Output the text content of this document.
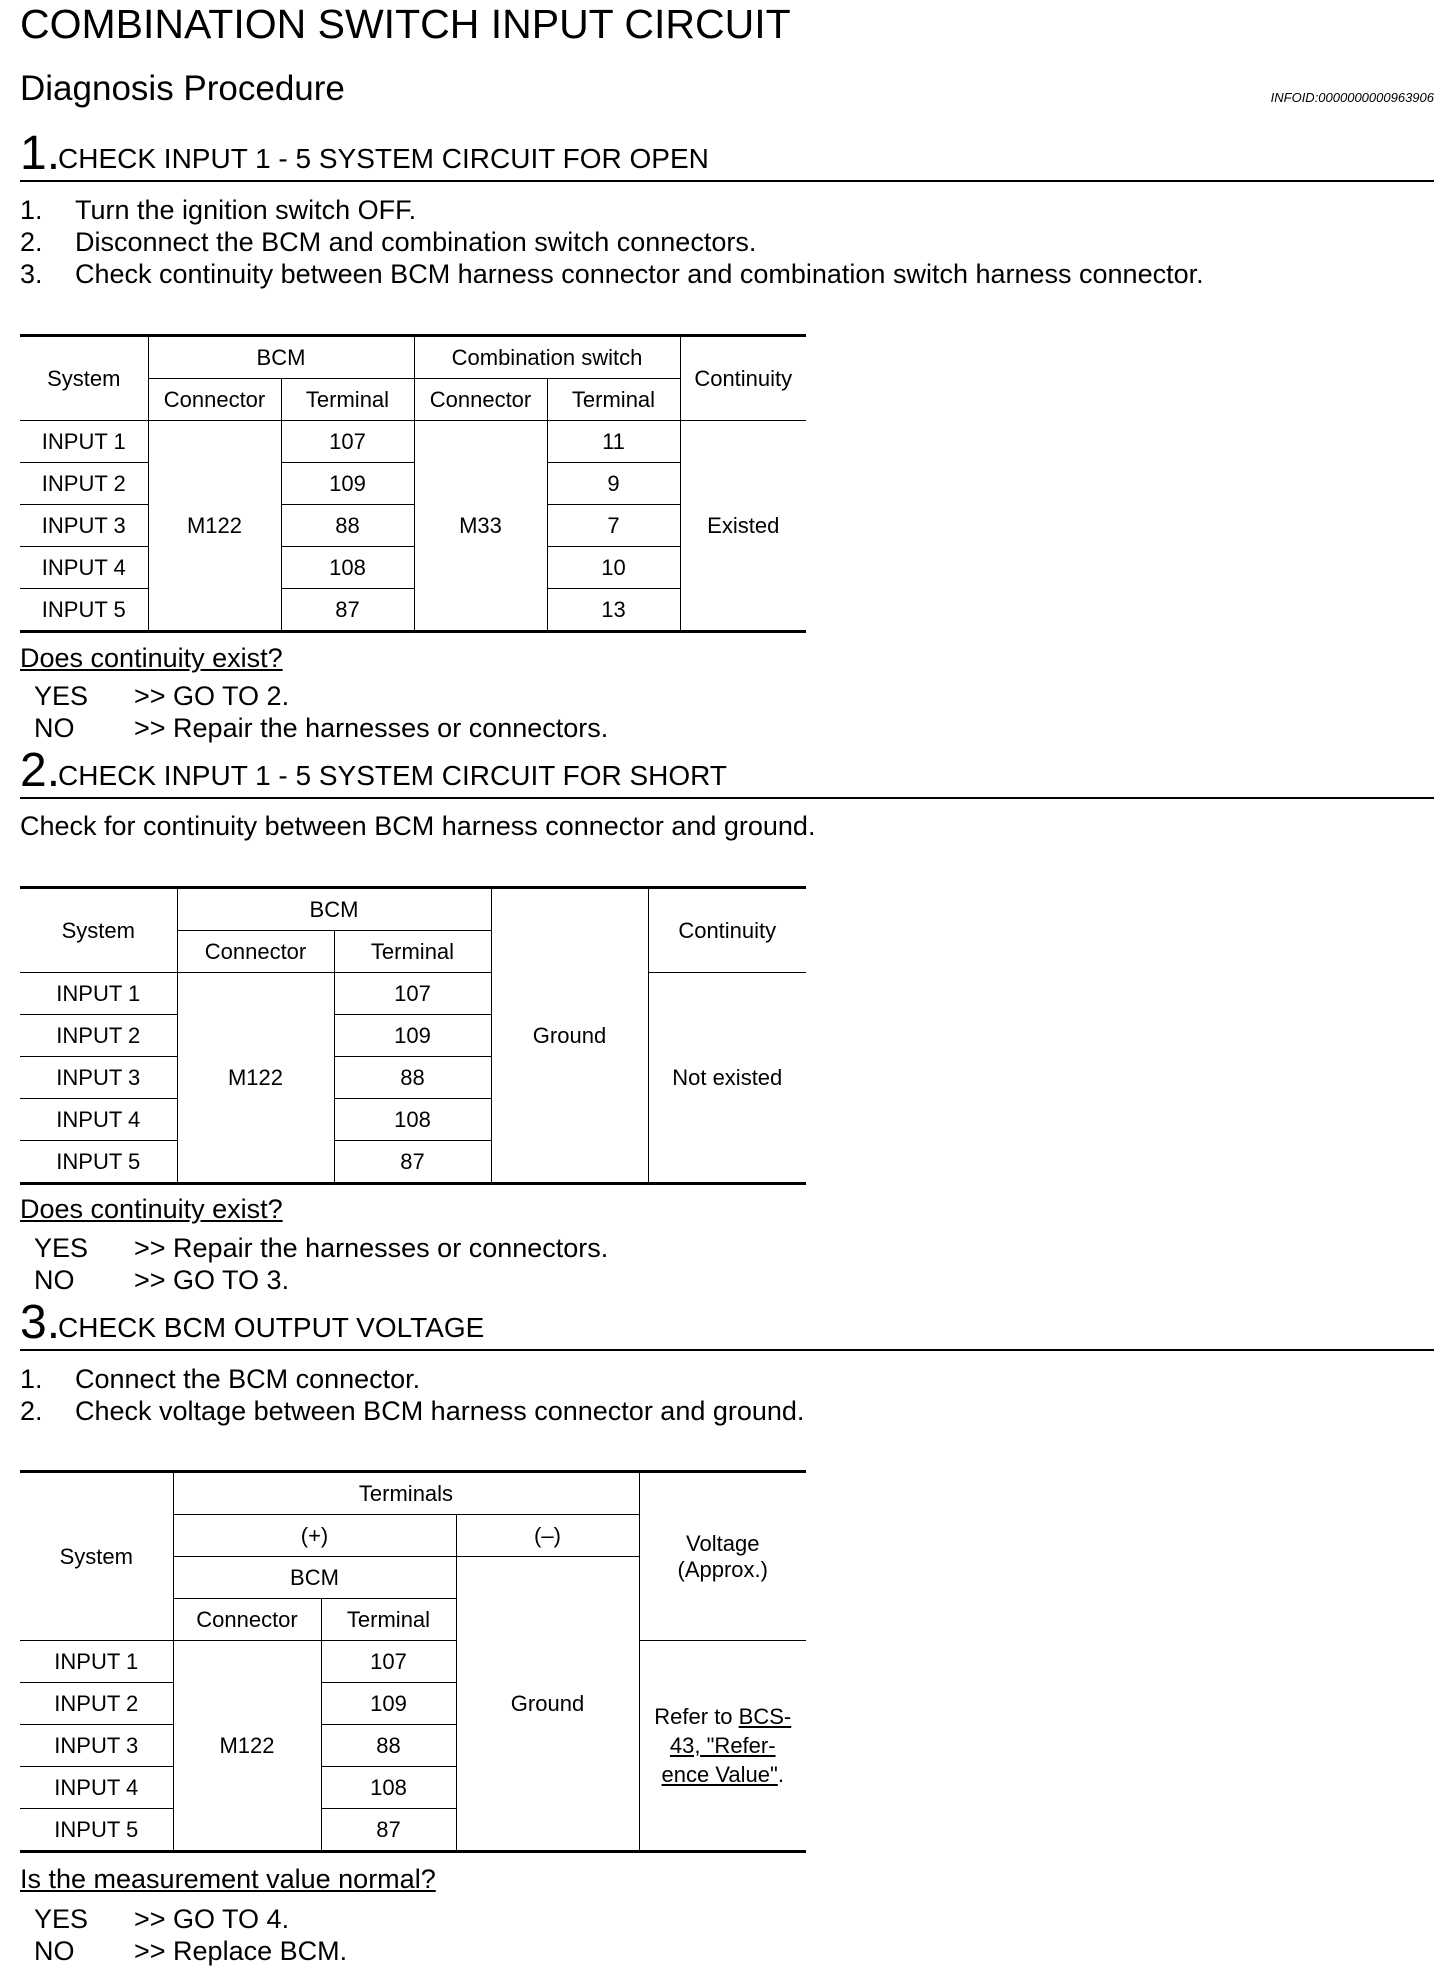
COMBINATION SWITCH INPUT CIRCUIT
Diagnosis Procedure	INFOID:0000000000963906
1.
CHECK INPUT 1 - 5 SYSTEM CIRCUIT FOR OPEN
1.	Turn the ignition switch OFF.
2.	Disconnect the BCM and combination switch connectors.
3.	Check continuity between BCM harness connector and combination switch harness connector.
System	BCM		Combination switch		Continuity
	Connector	Terminal	Connector	Terminal	
INPUT 1	M122	107	M33	11	Existed
INPUT 2		109		9	
INPUT 3		88		7	
INPUT 4		108		10	
INPUT 5		87		13	
Does continuity exist?
YES	>> GO TO 2.
NO	>> Repair the harnesses or connectors.
2.
CHECK INPUT 1 - 5 SYSTEM CIRCUIT FOR SHORT
Check for continuity between BCM harness connector and ground.
System	BCM		Ground	Continuity
	Connector	Terminal		
INPUT 1	M122	107		Not existed
INPUT 2		109		
INPUT 3		88		
INPUT 4		108		
INPUT 5		87		
Does continuity exist?
YES	>> Repair the harnesses or connectors.
NO	>> GO TO 3.
3.
CHECK BCM OUTPUT VOLTAGE
1.	Connect the BCM connector.
2.	Check voltage between BCM harness connector and ground.
System	Terminals			Voltage
(Approx.)
	(+)		(–)	
	BCM		Ground	
	Connector	Terminal		
INPUT 1	M122	107		Refer to BCS-
43, "Refer-
ence Value".
INPUT 2		109		
INPUT 3		88		
INPUT 4		108		
INPUT 5		87		
Is the measurement value normal?
YES	>> GO TO 4.
NO	>> Replace BCM.
